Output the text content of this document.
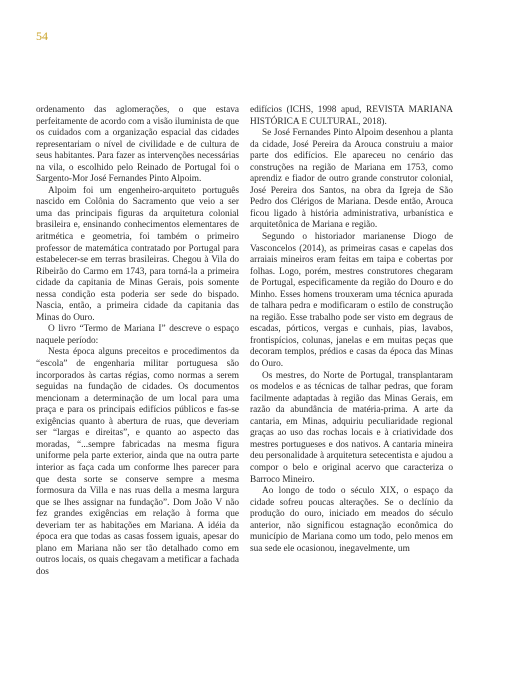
54

ordenamento das aglomerações, o que estava perfeitamente de acordo com a visão iluminista de que os cuidados com a organização espacial das cidades representariam o nível de civilidade e de cultura de seus habitantes. Para fazer as intervenções necessárias na vila, o escolhido pelo Reinado de Portugal foi o Sargento-Mor José Fernandes Pinto Alpoim.

Alpoim foi um engenheiro-arquiteto português nascido em Colônia do Sacramento que veio a ser uma das principais figuras da arquitetura colonial brasileira e, ensinando conhecimentos elementares de aritmética e geometria, foi também o primeiro professor de matemática contratado por Portugal para estabelecer-se em terras brasileiras. Chegou à Vila do Ribeirão do Carmo em 1743, para torná-la a primeira cidade da capitania de Minas Gerais, pois somente nessa condição esta poderia ser sede do bispado. Nascia, então, a primeira cidade da capitania das Minas do Ouro.

O livro “Termo de Mariana I” descreve o espaço naquele período:

Nesta época alguns preceitos e procedimentos da “escola” de engenharia militar portuguesa são incorporados às cartas régias, como normas a serem seguidas na fundação de cidades. Os documentos mencionam a determinação de um local para uma praça e para os principais edifícios públicos e fas-se exigências quanto à abertura de ruas, que deveriam ser “largas e direitas”, e quanto ao aspecto das moradas, “...sempre fabricadas na mesma figura uniforme pela parte exterior, ainda que na outra parte interior as faça cada um conforme lhes parecer para que desta sorte se conserve sempre a mesma formosura da Villa e nas ruas della a mesma largura que se lhes assignar na fundação”. Dom João V não fez grandes exigências em relação à forma que deveriam ter as habitações em Mariana. A idéia da época era que todas as casas fossem iguais, apesar do plano em Mariana não ser tão detalhado como em outros locais, os quais chegavam a metificar a fachada dos

edifícios (ICHS, 1998 apud, REVISTA MARIANA HISTÓRICA E CULTURAL, 2018).

Se José Fernandes Pinto Alpoim desenhou a planta da cidade, José Pereira da Arouca construiu a maior parte dos edifícios. Ele apareceu no cenário das construções na região de Mariana em 1753, como aprendiz e fiador de outro grande construtor colonial, José Pereira dos Santos, na obra da Igreja de São Pedro dos Clérigos de Mariana. Desde então, Arouca ficou ligado à história administrativa, urbanística e arquitetônica de Mariana e região.

Segundo o historiador marianense Diogo de Vasconcelos (2014), as primeiras casas e capelas dos arraiais mineiros eram feitas em taipa e cobertas por folhas. Logo, porém, mestres construtores chegaram de Portugal, especificamente da região do Douro e do Minho. Esses homens trouxeram uma técnica apurada de talhara pedra e modificaram o estilo de construção na região. Esse trabalho pode ser visto em degraus de escadas, pórticos, vergas e cunhais, pias, lavabos, frontispícios, colunas, janelas e em muitas peças que decoram templos, prédios e casas da época das Minas do Ouro.

Os mestres, do Norte de Portugal, transplantaram os modelos e as técnicas de talhar pedras, que foram facilmente adaptadas à região das Minas Gerais, em razão da abundância de matéria-prima. A arte da cantaria, em Minas, adquiriu peculiaridade regional graças ao uso das rochas locais e à criatividade dos mestres portugueses e dos nativos. A cantaria mineira deu personalidade à arquitetura setecentista e ajudou a compor o belo e original acervo que caracteriza o Barroco Mineiro.

Ao longo de todo o século XIX, o espaço da cidade sofreu poucas alterações. Se o declínio da produção do ouro, iniciado em meados do século anterior, não significou estagnação econômica do município de Mariana como um todo, pelo menos em sua sede ele ocasionou, inegavelmente, um
